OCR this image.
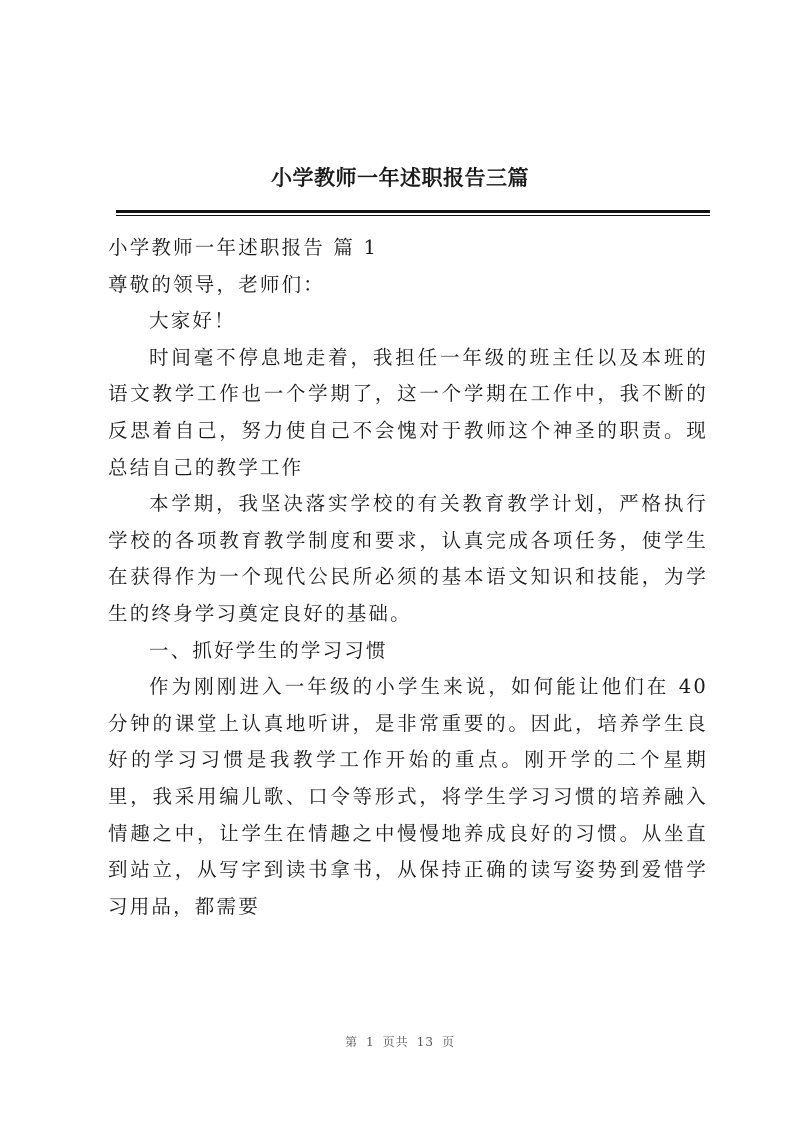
小学教师一年述职报告三篇

小学教师一年述职报告 篇 1

尊敬的领导，老师们：

大家好！

时间毫不停息地走着，我担任一年级的班主任以及本班的语文教学工作也一个学期了，这一个学期在工作中，我不断的反思着自己，努力使自己不会愧对于教师这个神圣的职责。现总结自己的教学工作

本学期，我坚决落实学校的有关教育教学计划，严格执行学校的各项教育教学制度和要求，认真完成各项任务，使学生在获得作为一个现代公民所必须的基本语文知识和技能，为学生的终身学习奠定良好的基础。

一、抓好学生的学习习惯

作为刚刚进入一年级的小学生来说，如何能让他们在 40 分钟的课堂上认真地听讲，是非常重要的。因此，培养学生良好的学习习惯是我教学工作开始的重点。刚开学的二个星期里，我采用编儿歌、口令等形式，将学生学习习惯的培养融入情趣之中，让学生在情趣之中慢慢地养成良好的习惯。从坐直到站立，从写字到读书拿书，从保持正确的读写姿势到爱惜学习用品，都需要

第 1 页共 13 页
